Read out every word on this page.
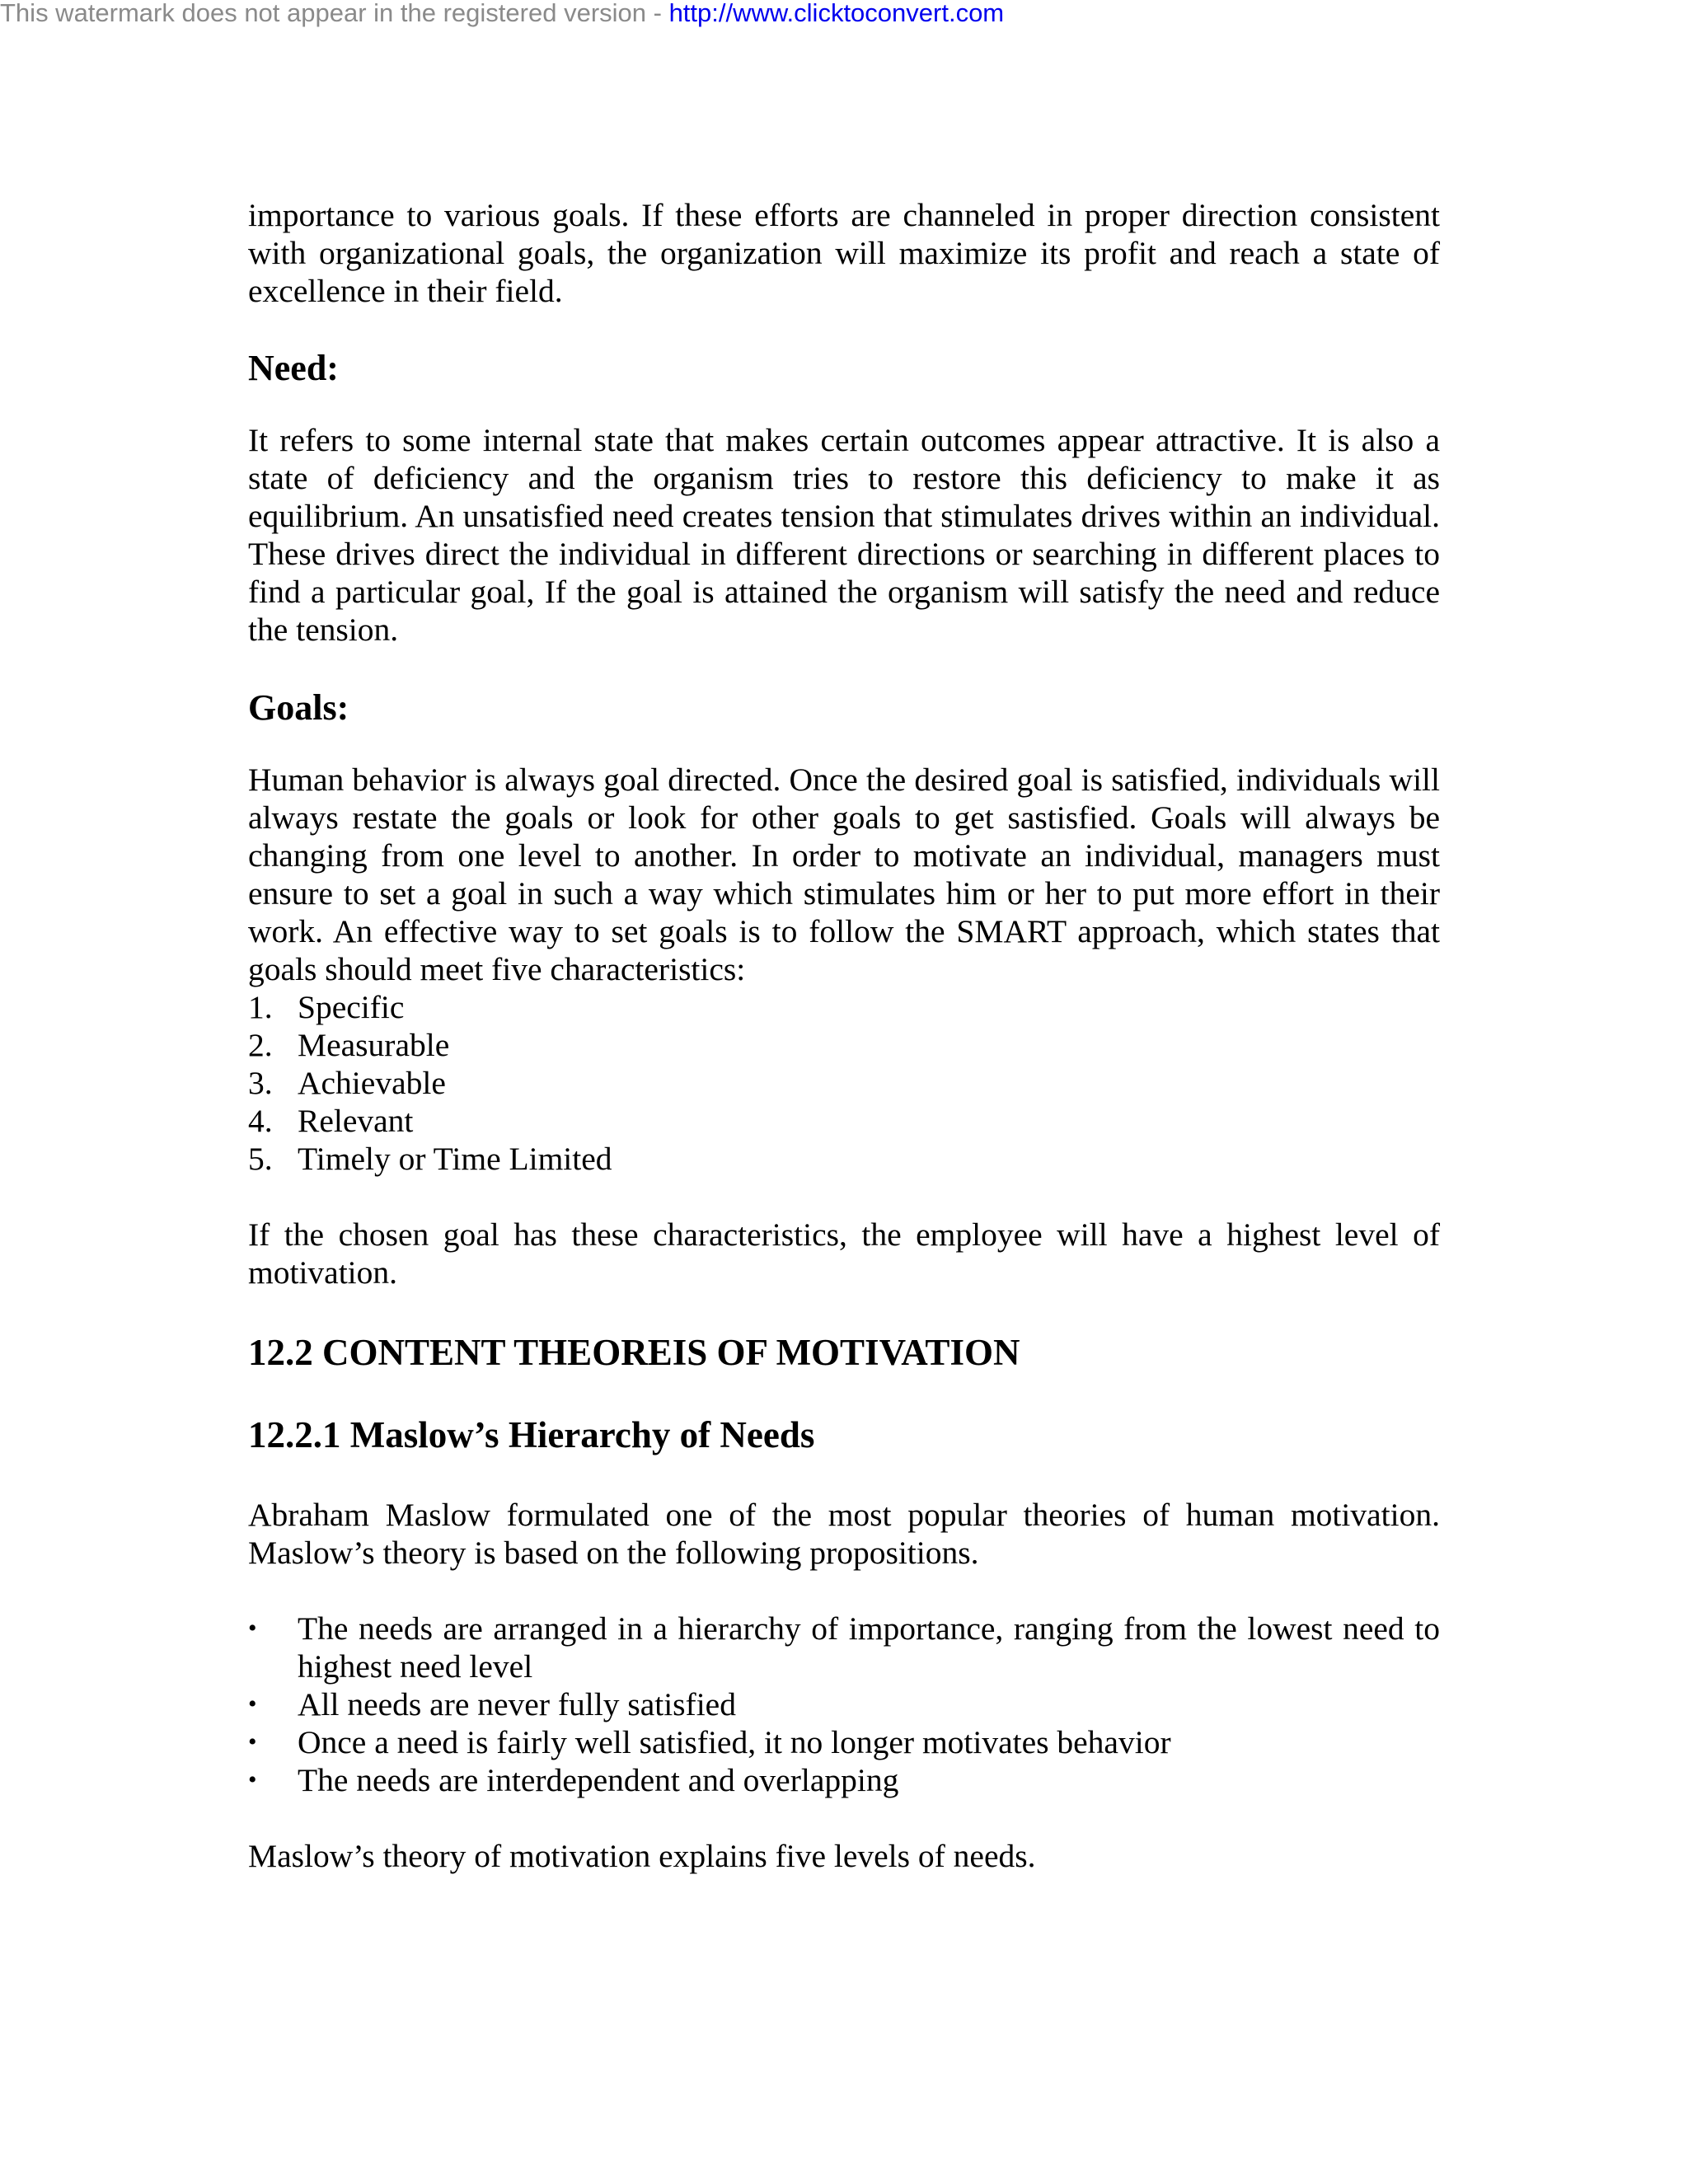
This watermark does not appear in the registered version - http://www.clicktoconvert.com

importance to various goals. If these efforts are channeled in proper direction consistent with organizational goals, the organization will maximize its profit and reach a state of excellence in their field.

Need:

It refers to some internal state that makes certain outcomes appear attractive. It is also a state of deficiency and the organism tries to restore this deficiency to make it as equilibrium. An unsatisfied need creates tension that stimulates drives within an individual. These drives direct the individual in different directions or searching in different places to find a particular goal, If the goal is attained the organism will satisfy the need and reduce the tension.

Goals:

Human behavior is always goal directed. Once the desired goal is satisfied, individuals will always restate the goals or look for other goals to get sastisfied. Goals will always be changing from one level to another. In order to motivate an individual, managers must ensure to set a goal in such a way which stimulates him or her to put more effort in their work. An effective way to set goals is to follow the SMART approach, which states that goals should meet five characteristics:

1. Specific
2. Measurable
3. Achievable
4. Relevant
5. Timely or Time Limited

If the chosen goal has these characteristics, the employee will have a highest level of motivation.

12.2 CONTENT THEOREIS OF MOTIVATION
12.2.1 Maslow’s Hierarchy of Needs

Abraham Maslow formulated one of the most popular theories of human motivation. Maslow’s theory is based on the following propositions.

• The needs are arranged in a hierarchy of importance, ranging from the lowest need to highest need level
• All needs are never fully satisfied
• Once a need is fairly well satisfied, it no longer motivates behavior
• The needs are interdependent and overlapping

Maslow’s theory of motivation explains five levels of needs.
